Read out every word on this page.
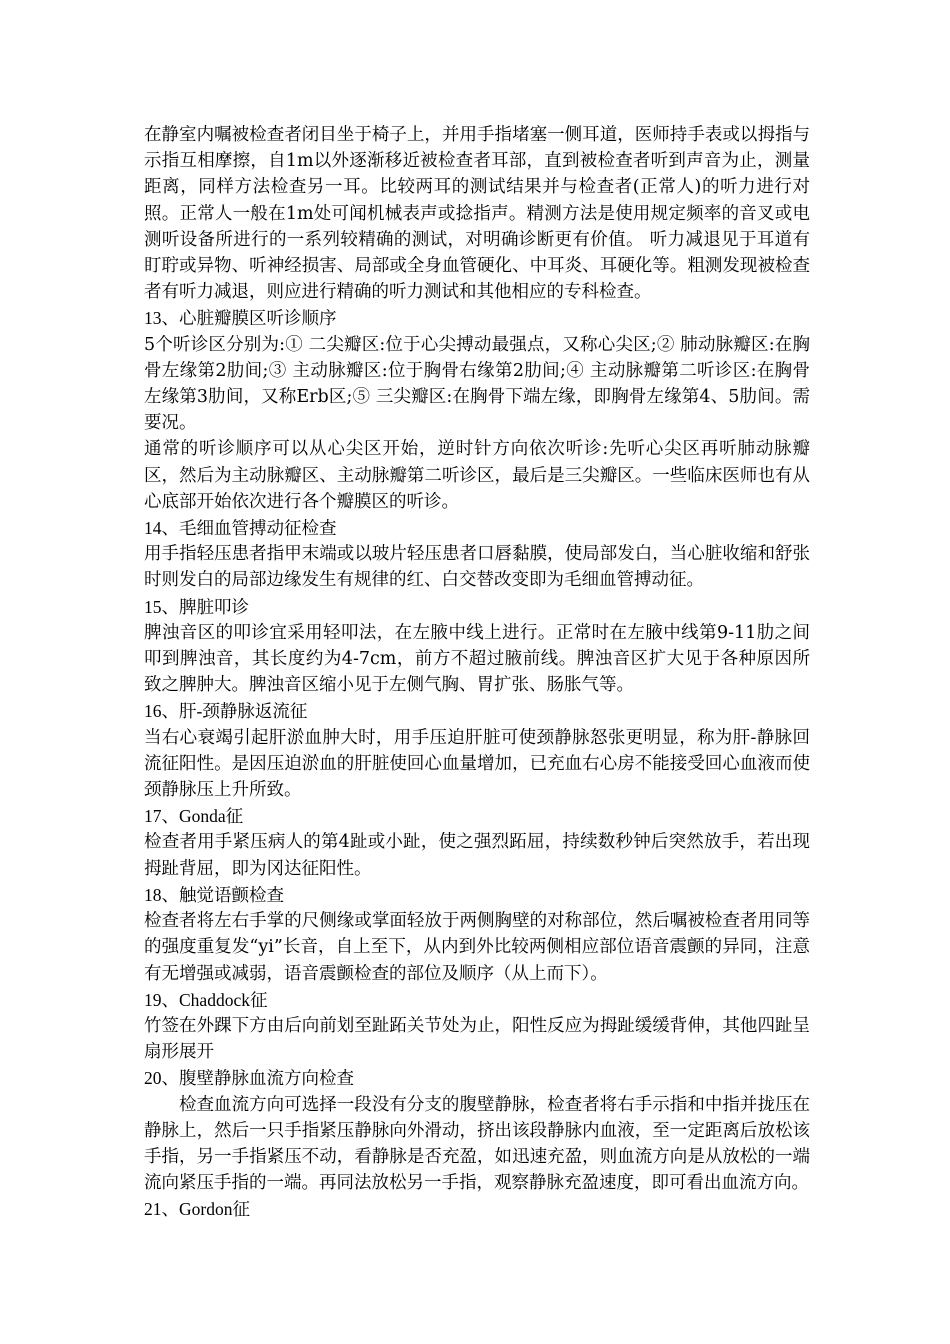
在静室内嘱被检查者闭目坐于椅子上，并用手指堵塞一侧耳道，医师持手表或以拇指与示指互相摩擦，自1m以外逐渐移近被检查者耳部，直到被检查者听到声音为止，测量距离，同样方法检查另一耳。比较两耳的测试结果并与检查者(正常人)的听力进行对照。正常人一般在1m处可闻机械表声或捻指声。精测方法是使用规定频率的音叉或电测听设备所进行的一系列较精确的测试，对明确诊断更有价值。 听力减退见于耳道有盯聍或异物、听神经损害、局部或全身血管硬化、中耳炎、耳硬化等。粗测发现被检查者有听力减退，则应进行精确的听力测试和其他相应的专科检查。

13、心脏瓣膜区听诊顺序

5个听诊区分别为:① 二尖瓣区:位于心尖搏动最强点，又称心尖区;② 肺动脉瓣区:在胸骨左缘第2肋间;③ 主动脉瓣区:位于胸骨右缘第2肋间;④ 主动脉瓣第二听诊区:在胸骨左缘第3肋间，又称Erb区;⑤ 三尖瓣区:在胸骨下端左缘，即胸骨左缘第4、5肋间。需要况。

通常的听诊顺序可以从心尖区开始，逆时针方向依次听诊:先听心尖区再听肺动脉瓣区，然后为主动脉瓣区、主动脉瓣第二听诊区，最后是三尖瓣区。一些临床医师也有从心底部开始依次进行各个瓣膜区的听诊。

14、毛细血管搏动征检查

用手指轻压患者指甲末端或以玻片轻压患者口唇黏膜，使局部发白，当心脏收缩和舒张时则发白的局部边缘发生有规律的红、白交替改变即为毛细血管搏动征。

15、脾脏叩诊

脾浊音区的叩诊宜采用轻叩法，在左腋中线上进行。正常时在左腋中线第9-11肋之间叩到脾浊音，其长度约为4-7cm，前方不超过腋前线。脾浊音区扩大见于各种原因所致之脾肿大。脾浊音区缩小见于左侧气胸、胃扩张、肠胀气等。

16、肝-颈静脉返流征

当右心衰竭引起肝淤血肿大时，用手压迫肝脏可使颈静脉怒张更明显，称为肝-静脉回流征阳性。是因压迫淤血的肝脏使回心血量增加，已充血右心房不能接受回心血液而使颈静脉压上升所致。

17、Gonda征

检查者用手紧压病人的第4趾或小趾，使之强烈跖屈，持续数秒钟后突然放手，若出现拇趾背屈，即为冈达征阳性。

18、触觉语颤检查

检查者将左右手掌的尺侧缘或掌面轻放于两侧胸壁的对称部位，然后嘱被检查者用同等的强度重复发“yi”长音，自上至下，从内到外比较两侧相应部位语音震颤的异同，注意有无增强或减弱，语音震颤检查的部位及顺序（从上而下）。

19、Chaddock征

竹签在外踝下方由后向前划至趾跖关节处为止，阳性反应为拇趾缓缓背伸，其他四趾呈扇形展开

20、腹壁静脉血流方向检查

检查血流方向可选择一段没有分支的腹壁静脉，检查者将右手示指和中指并拢压在静脉上，然后一只手指紧压静脉向外滑动，挤出该段静脉内血液，至一定距离后放松该手指，另一手指紧压不动，看静脉是否充盈，如迅速充盈，则血流方向是从放松的一端流向紧压手指的一端。再同法放松另一手指，观察静脉充盈速度，即可看出血流方向。

21、Gordon征
